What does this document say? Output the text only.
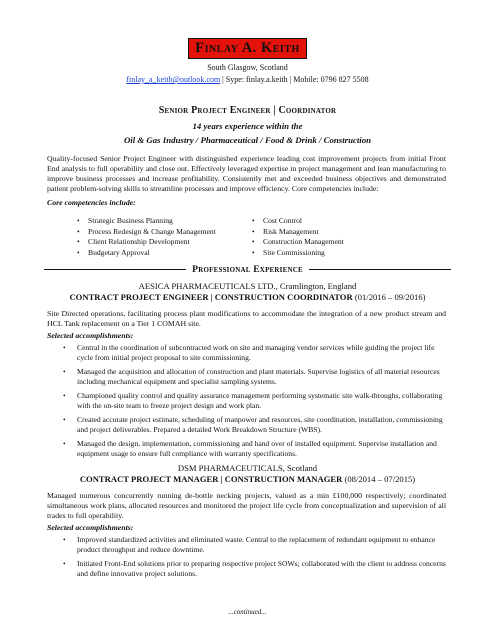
Finlay A. Keith
South Glasgow, Scotland
finlay_a_keith@outlook.com | Sype: finlay.a.keith | Mobile: 0796 827 5508
Senior Project Engineer | Coordinator
14 years experience within the
Oil & Gas Industry / Pharmaceutical / Food & Drink / Construction

Quality-focused Senior Project Engineer with distinguished experience leading cost improvement projects from initial Front End analysis to full operability and close out. Effectively leveraged expertise in project management and lean manufacturing to improve business processes and increase profitability. Consistently met and exceeded business objectives and demonstrated patient problem-solving skills to streamline processes and improve efficiency. Core competencies include:

Core competencies include:
• Strategic Business Planning
• Process Redesign & Change Management
• Client Relationship Development
• Budgetary Approval
• Cost Control
• Risk Management
• Construction Management
• Site Commissioning
Professional Experience
AESICA PHARMACEUTICALS LTD., Cramlington, England
CONTRACT PROJECT ENGINEER | CONSTRUCTION COORDINATOR (01/2016 – 09/2016)

Site Directed operations, facilitating process plant modifications to accommodate the integration of a new product stream and HCL Tank replacement on a Tier 1 COMAH site.

Selected accomplishments:
• Central in the coordination of subcontracted work on site and managing vendor services while guiding the project life cycle from initial project proposal to site commissioning.
• Managed the acquisition and allocation of construction and plant materials. Supervise logistics of all material resources including mechanical equipment and specialist sampling systems.
• Championed quality control and quality assurance management performing systematic site walk-throughs, collaborating with the on-site team to freeze project design and work plan.
• Created accurate project estimate, scheduling of manpower and resources, site coordination, installation, commissioning and project deliverables. Prepared a detailed Work Breakdown Structure (WBS).
• Managed the design, implementation, commissioning and hand over of installed equipment. Supervise installation and equipment usage to ensure full compliance with warranty specifications.
DSM PHARMACEUTICALS, Scotland
CONTRACT PROJECT MANAGER | CONSTRUCTION MANAGER (08/2014 – 07/2015)

Managed numerous concurrently running de-bottle necking projects, valued as a min £100,000 respectively; coordinated simultaneous work plans, allocated resources and monitored the project life cycle from conceptualization and supervision of all trades to full operability.

Selected accomplishments:
• Improved standardized activities and eliminated waste. Central to the replacement of redundant equipment to enhance product throughput and reduce downtime.
• Initiated Front-End solutions prior to preparing respective project SOWs; collaborated with the client to address concerns and define innovative project solutions.
...continued...
